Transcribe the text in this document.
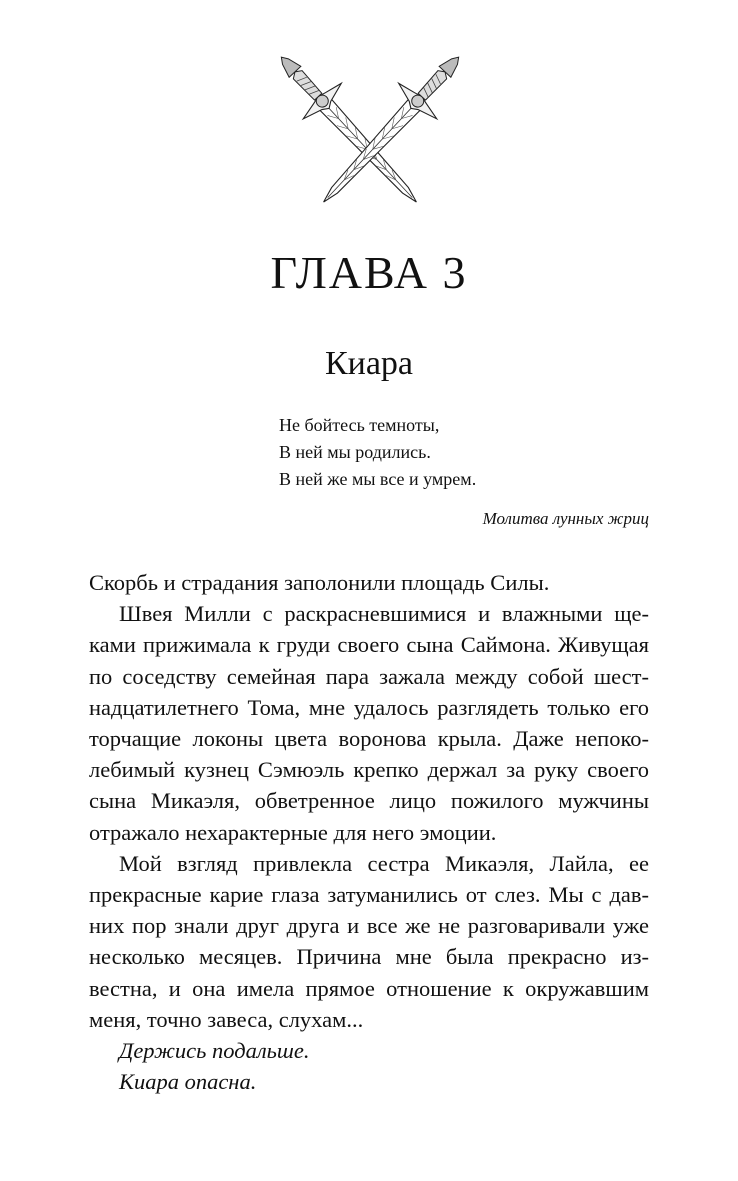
ГЛАВА 3
Киара
Не бойтесь темноты,
В ней мы родились.
В ней же мы все и умрем.
Молитва лунных жриц
Скорбь и страдания заполонили площадь Силы.
Швея Милли с раскрасневшимися и влажными ще-
ками прижимала к груди своего сына Саймона. Живущая
по соседству семейная пара зажала между собой шест-
надцатилетнего Тома, мне удалось разглядеть только его
торчащие локоны цвета воронова крыла. Даже непоко-
лебимый кузнец Сэмюэль крепко держал за руку своего
сына Микаэля, обветренное лицо пожилого мужчины
отражало нехарактерные для него эмоции.
Мой взгляд привлекла сестра Микаэля, Лайла, ее
прекрасные карие глаза затуманились от слез. Мы с дав-
них пор знали друг друга и все же не разговаривали уже
несколько месяцев. Причина мне была прекрасно из-
вестна, и она имела прямое отношение к окружавшим
меня, точно завеса, слухам...
Держись подальше.
Киара опасна.
